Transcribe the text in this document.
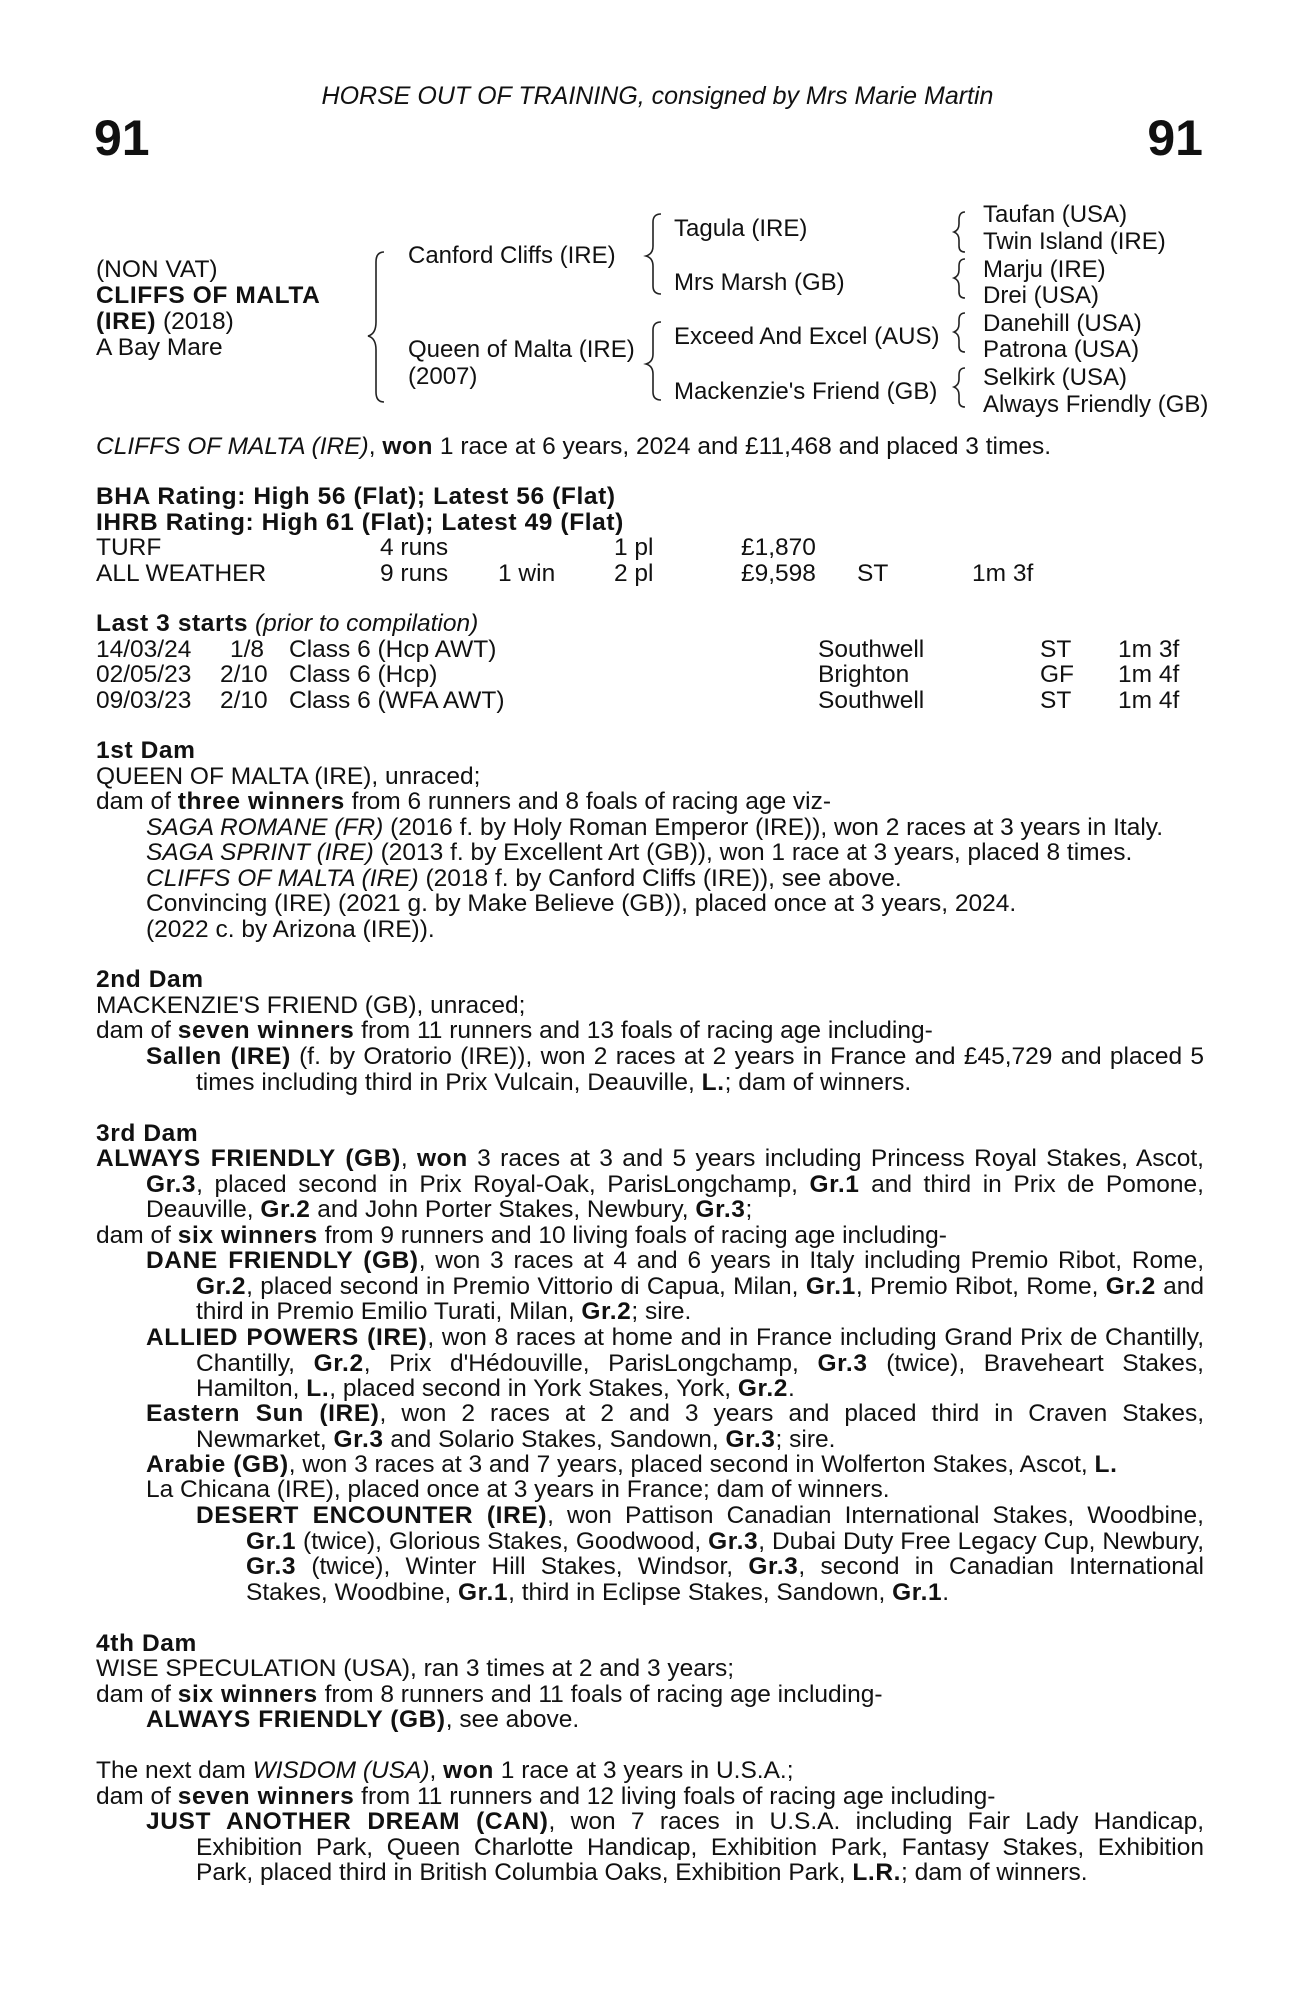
HORSE OUT OF TRAINING, consigned by Mrs Marie Martin
91	91
(NON VAT)
CLIFFS OF MALTA
(IRE) (2018)
A Bay Mare
Canford Cliffs (IRE)
Queen of Malta (IRE)
(2007)
Tagula (IRE)
Mrs Marsh (GB)
Exceed And Excel (AUS)
Mackenzie's Friend (GB)
Taufan (USA)
Twin Island (IRE)
Marju (IRE)
Drei (USA)
Danehill (USA)
Patrona (USA)
Selkirk (USA)
Always Friendly (GB)
CLIFFS OF MALTA (IRE), won 1 race at 6 years, 2024 and £11,468 and placed 3 times.
BHA Rating: High 56 (Flat); Latest 56 (Flat)
IHRB Rating: High 61 (Flat); Latest 49 (Flat)
TURF	4 runs	1 pl	£1,870
ALL WEATHER	9 runs 1 win 2 pl	£9,598 ST	1m 3f
Last 3 starts (prior to compilation)
14/03/24 1/8 Class 6 (Hcp AWT)	Southwell	ST 1m 3f
02/05/23 2/10 Class 6 (Hcp)	Brighton	GF 1m 4f
09/03/23 2/10 Class 6 (WFA AWT)	Southwell	ST 1m 4f
1st Dam
QUEEN OF MALTA (IRE), unraced;
dam of three winners from 6 runners and 8 foals of racing age viz-
SAGA ROMANE (FR) (2016 f. by Holy Roman Emperor (IRE)), won 2 races at 3 years in Italy.
SAGA SPRINT (IRE) (2013 f. by Excellent Art (GB)), won 1 race at 3 years, placed 8 times.
CLIFFS OF MALTA (IRE) (2018 f. by Canford Cliffs (IRE)), see above.
Convincing (IRE) (2021 g. by Make Believe (GB)), placed once at 3 years, 2024.
(2022 c. by Arizona (IRE)).
2nd Dam
MACKENZIE'S FRIEND (GB), unraced;
dam of seven winners from 11 runners and 13 foals of racing age including-
Sallen (IRE) (f. by Oratorio (IRE)), won 2 races at 2 years in France and £45,729 and placed 5 times including third in Prix Vulcain, Deauville, L.; dam of winners.
3rd Dam
ALWAYS FRIENDLY (GB), won 3 races at 3 and 5 years including Princess Royal Stakes, Ascot, Gr.3, placed second in Prix Royal-Oak, ParisLongchamp, Gr.1 and third in Prix de Pomone, Deauville, Gr.2 and John Porter Stakes, Newbury, Gr.3;
dam of six winners from 9 runners and 10 living foals of racing age including-
DANE FRIENDLY (GB), won 3 races at 4 and 6 years in Italy including Premio Ribot, Rome, Gr.2, placed second in Premio Vittorio di Capua, Milan, Gr.1, Premio Ribot, Rome, Gr.2 and third in Premio Emilio Turati, Milan, Gr.2; sire.
ALLIED POWERS (IRE), won 8 races at home and in France including Grand Prix de Chantilly, Chantilly, Gr.2, Prix d'Hédouville, ParisLongchamp, Gr.3 (twice), Braveheart Stakes, Hamilton, L., placed second in York Stakes, York, Gr.2.
Eastern Sun (IRE), won 2 races at 2 and 3 years and placed third in Craven Stakes, Newmarket, Gr.3 and Solario Stakes, Sandown, Gr.3; sire.
Arabie (GB), won 3 races at 3 and 7 years, placed second in Wolferton Stakes, Ascot, L.
La Chicana (IRE), placed once at 3 years in France; dam of winners.
DESERT ENCOUNTER (IRE), won Pattison Canadian International Stakes, Woodbine, Gr.1 (twice), Glorious Stakes, Goodwood, Gr.3, Dubai Duty Free Legacy Cup, Newbury, Gr.3 (twice), Winter Hill Stakes, Windsor, Gr.3, second in Canadian International Stakes, Woodbine, Gr.1, third in Eclipse Stakes, Sandown, Gr.1.
4th Dam
WISE SPECULATION (USA), ran 3 times at 2 and 3 years;
dam of six winners from 8 runners and 11 foals of racing age including-
ALWAYS FRIENDLY (GB), see above.
The next dam WISDOM (USA), won 1 race at 3 years in U.S.A.;
dam of seven winners from 11 runners and 12 living foals of racing age including-
JUST ANOTHER DREAM (CAN), won 7 races in U.S.A. including Fair Lady Handicap, Exhibition Park, Queen Charlotte Handicap, Exhibition Park, Fantasy Stakes, Exhibition Park, placed third in British Columbia Oaks, Exhibition Park, L.R.; dam of winners.
